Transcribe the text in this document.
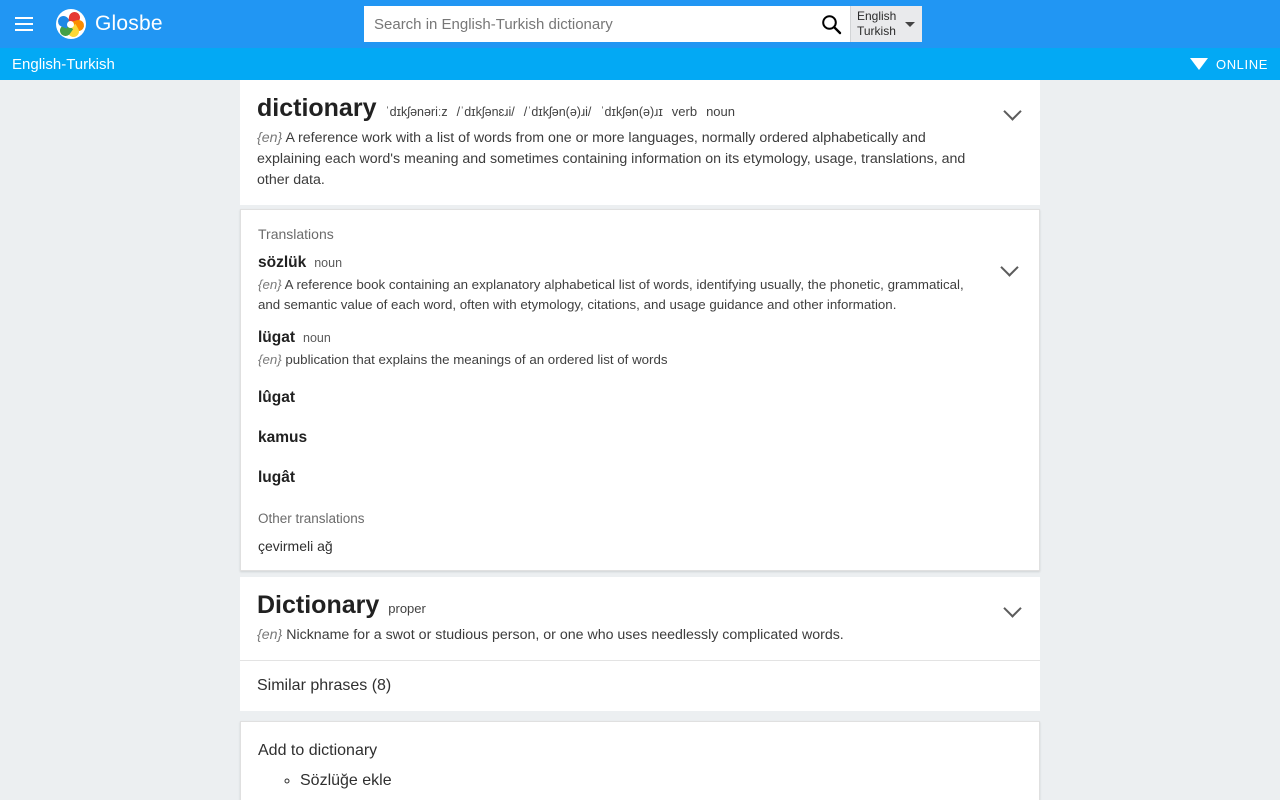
Glosbe
Search in English-Turkish dictionary	English
Turkish
English-Turkish	ONLINE
dictionary ˈdɪkʃənəriːz /ˈdɪkʃənɛɹi/ /ˈdɪkʃən(ə)ɹi/ ˈdɪkʃən(ə)ɹɪ verb noun
{en} A reference work with a list of words from one or more languages, normally ordered alphabetically and explaining each word's meaning and sometimes containing information on its etymology, usage, translations, and other data.
Translations
sözlük noun
{en} A reference book containing an explanatory alphabetical list of words, identifying usually, the phonetic, grammatical, and semantic value of each word, often with etymology, citations, and usage guidance and other information.
lügat noun
{en} publication that explains the meanings of an ordered list of words
lûgat
kamus
lugât
Other translations
çevirmeli ağ
Dictionary proper
{en} Nickname for a swot or studious person, or one who uses needlessly complicated words.
Similar phrases (8)
Add to dictionary
◦ Sözlüğe ekle
